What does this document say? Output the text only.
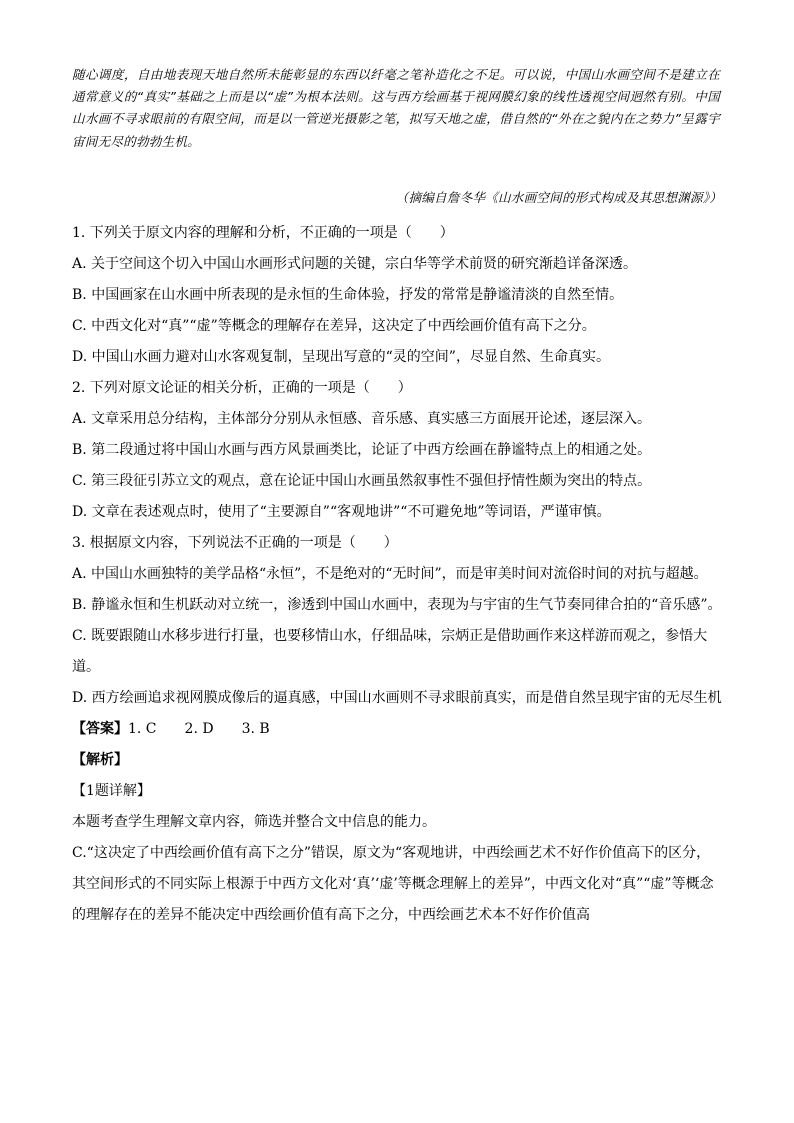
随心调度，自由地表现天地自然所未能彰显的东西以纤毫之笔补造化之不足。可以说，中国山水画空间不是建立在通常意义的“真实”基础之上而是以“虚”为根本法则。这与西方绘画基于视网膜幻象的线性透视空间迥然有别。中国山水画不寻求眼前的有限空间，而是以一管逆光摄影之笔，拟写天地之虚，借自然的“外在之貌内在之势力”呈露宇宙间无尽的勃勃生机。

（摘编自詹冬华《山水画空间的形式构成及其思想渊源》）

1. 下列关于原文内容的理解和分析，不正确的一项是（　　）

A. 关于空间这个切入中国山水画形式问题的关键，宗白华等学术前贤的研究渐趋详备深透。

B. 中国画家在山水画中所表现的是永恒的生命体验，抒发的常常是静谧清淡的自然至情。

C. 中西文化对“真”“虚”等概念的理解存在差异，这决定了中西绘画价值有高下之分。

D. 中国山水画力避对山水客观复制，呈现出写意的“灵的空间”，尽显自然、生命真实。

2. 下列对原文论证的相关分析，正确的一项是（　　）

A. 文章采用总分结构，主体部分分别从永恒感、音乐感、真实感三方面展开论述，逐层深入。

B. 第二段通过将中国山水画与西方风景画类比，论证了中西方绘画在静谧特点上的相通之处。

C. 第三段征引苏立文的观点，意在论证中国山水画虽然叙事性不强但抒情性颇为突出的特点。

D. 文章在表述观点时，使用了“主要源自”“客观地讲”“不可避免地”等词语，严谨审慎。

3. 根据原文内容，下列说法不正确的一项是（　　）

A. 中国山水画独特的美学品格“永恒”，不是绝对的“无时间”，而是审美时间对流俗时间的对抗与超越。

B. 静谧永恒和生机跃动对立统一，渗透到中国山水画中，表现为与宇宙的生气节奏同律合拍的“音乐感”。

C. 既要跟随山水移步进行打量，也要移情山水，仔细品味，宗炳正是借助画作来这样游而观之，参悟大道。

D. 西方绘画追求视网膜成像后的逼真感，中国山水画则不寻求眼前真实，而是借自然呈现宇宙的无尽生机

【答案】1. C 2. D 3. B

【解析】

【1题详解】

本题考查学生理解文章内容，筛选并整合文中信息的能力。

C.“这决定了中西绘画价值有高下之分”错误，原文为“客观地讲，中西绘画艺术不好作价值高下的区分，其空间形式的不同实际上根源于中西方文化对‘真’‘虚’等概念理解上的差异”，中西文化对“真”“虚”等概念的理解存在的差异不能决定中西绘画价值有高下之分，中西绘画艺术本不好作价值高
